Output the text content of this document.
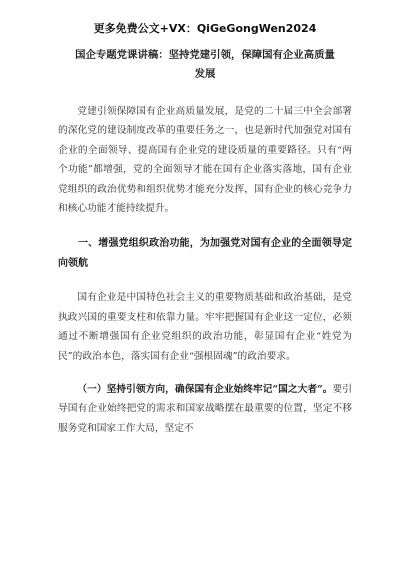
更多免费公文+VX：QiGeGongWen2024
国企专题党课讲稿：坚持党建引领，保障国有企业高质量
发展

党建引领保障国有企业高质量发展，是党的二十届三中全会部署的深化党的建设制度改革的重要任务之一，也是新时代加强党对国有企业的全面领导、提高国有企业党的建设质量的重要路径。只有“两个功能”都增强，党的全面领导才能在国有企业落实落地，国有企业党组织的政治优势和组织优势才能充分发挥，国有企业的核心竞争力和核心功能才能持续提升。

一、增强党组织政治功能，为加强党对国有企业的全面领导定向领航

国有企业是中国特色社会主义的重要物质基础和政治基础，是党执政兴国的重要支柱和依靠力量。牢牢把握国有企业这一定位，必须通过不断增强国有企业党组织的政治功能，彰显国有企业“姓党为民”的政治本色，落实国有企业“强根固魂”的政治要求。

（一）坚持引领方向，确保国有企业始终牢记“国之大者”。要引导国有企业始终把党的需求和国家战略摆在最重要的位置，坚定不移服务党和国家工作大局，坚定不
